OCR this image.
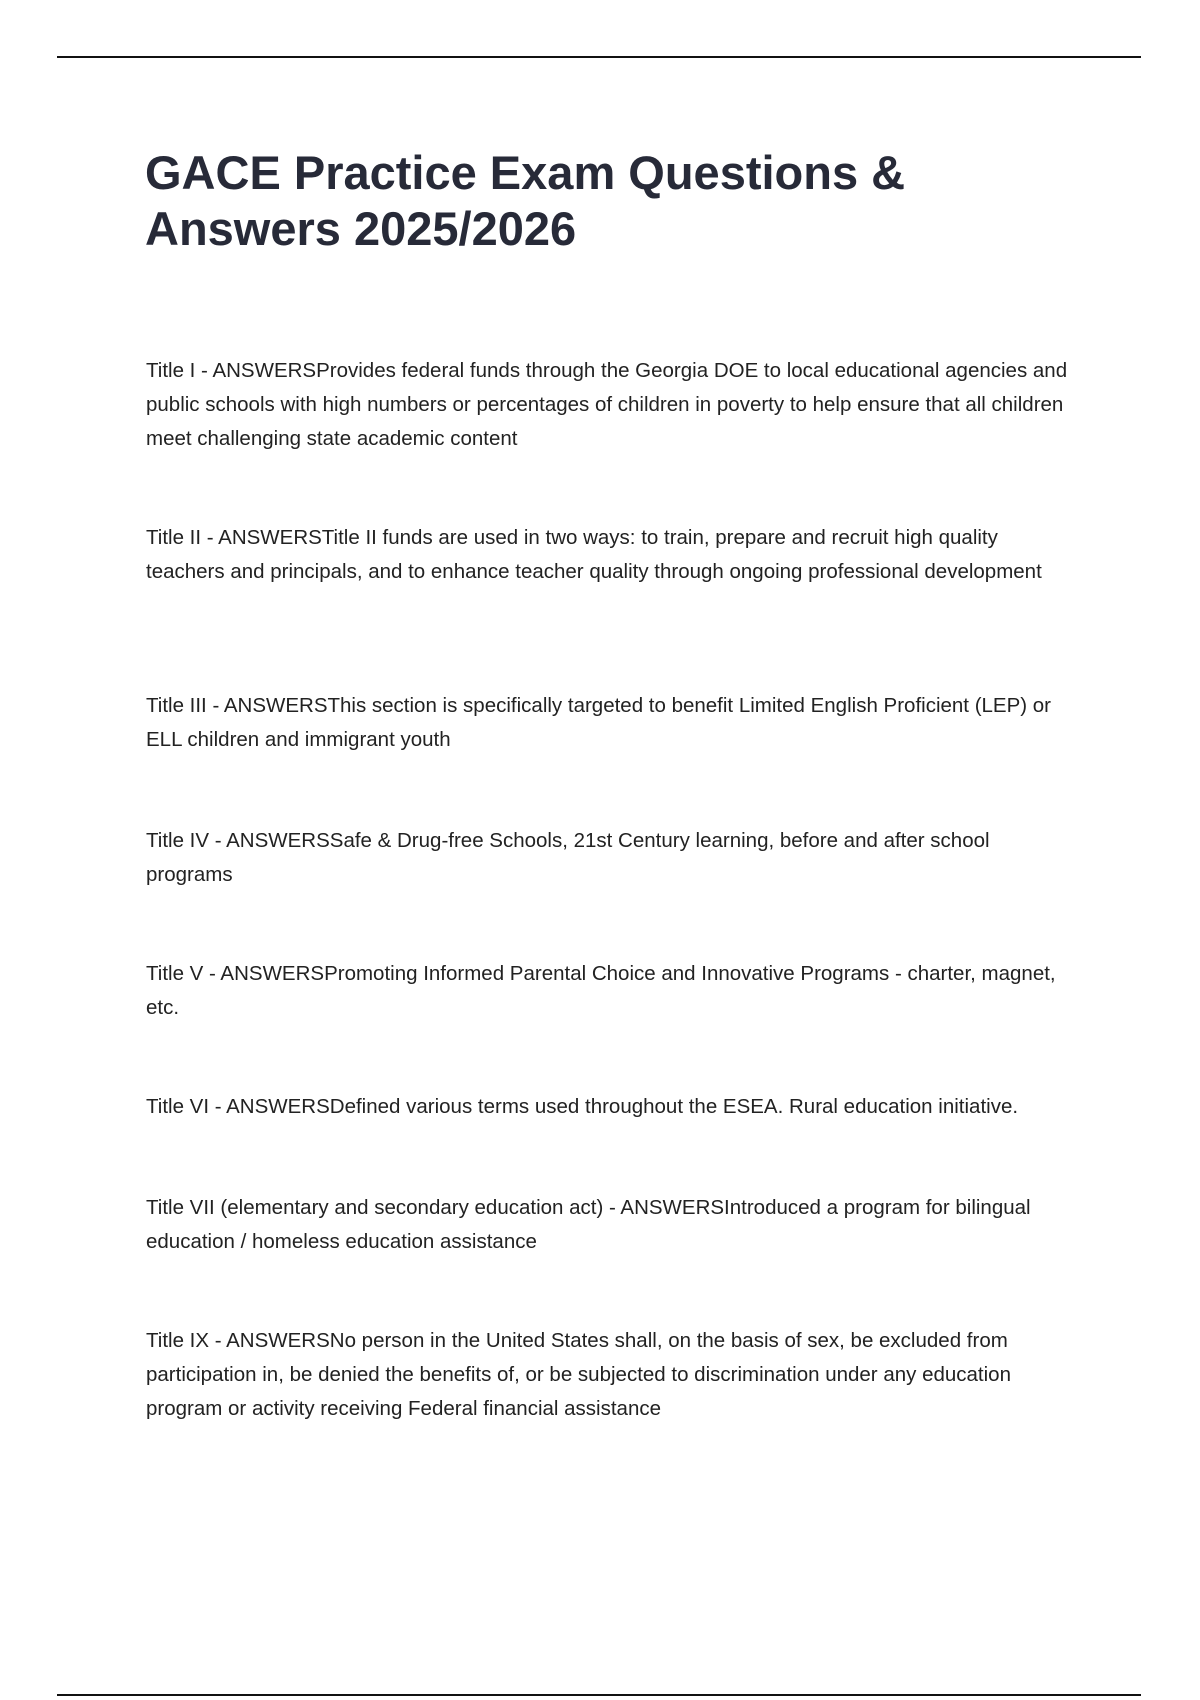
GACE Practice Exam Questions & Answers 2025/2026

Title I - ANSWERSProvides federal funds through the Georgia DOE to local educational agencies and public schools with high numbers or percentages of children in poverty to help ensure that all children meet challenging state academic content

Title II - ANSWERSTitle II funds are used in two ways: to train, prepare and recruit high quality teachers and principals, and to enhance teacher quality through ongoing professional development

Title III - ANSWERSThis section is specifically targeted to benefit Limited English Proficient (LEP) or ELL children and immigrant youth

Title IV - ANSWERSSafe & Drug-free Schools, 21st Century learning, before and after school programs

Title V - ANSWERSPromoting Informed Parental Choice and Innovative Programs - charter, magnet, etc.

Title VI - ANSWERSDefined various terms used throughout the ESEA. Rural education initiative.

Title VII (elementary and secondary education act) - ANSWERSIntroduced a program for bilingual education / homeless education assistance

Title IX - ANSWERSNo person in the United States shall, on the basis of sex, be excluded from participation in, be denied the benefits of, or be subjected to discrimination under any education program or activity receiving Federal financial assistance
